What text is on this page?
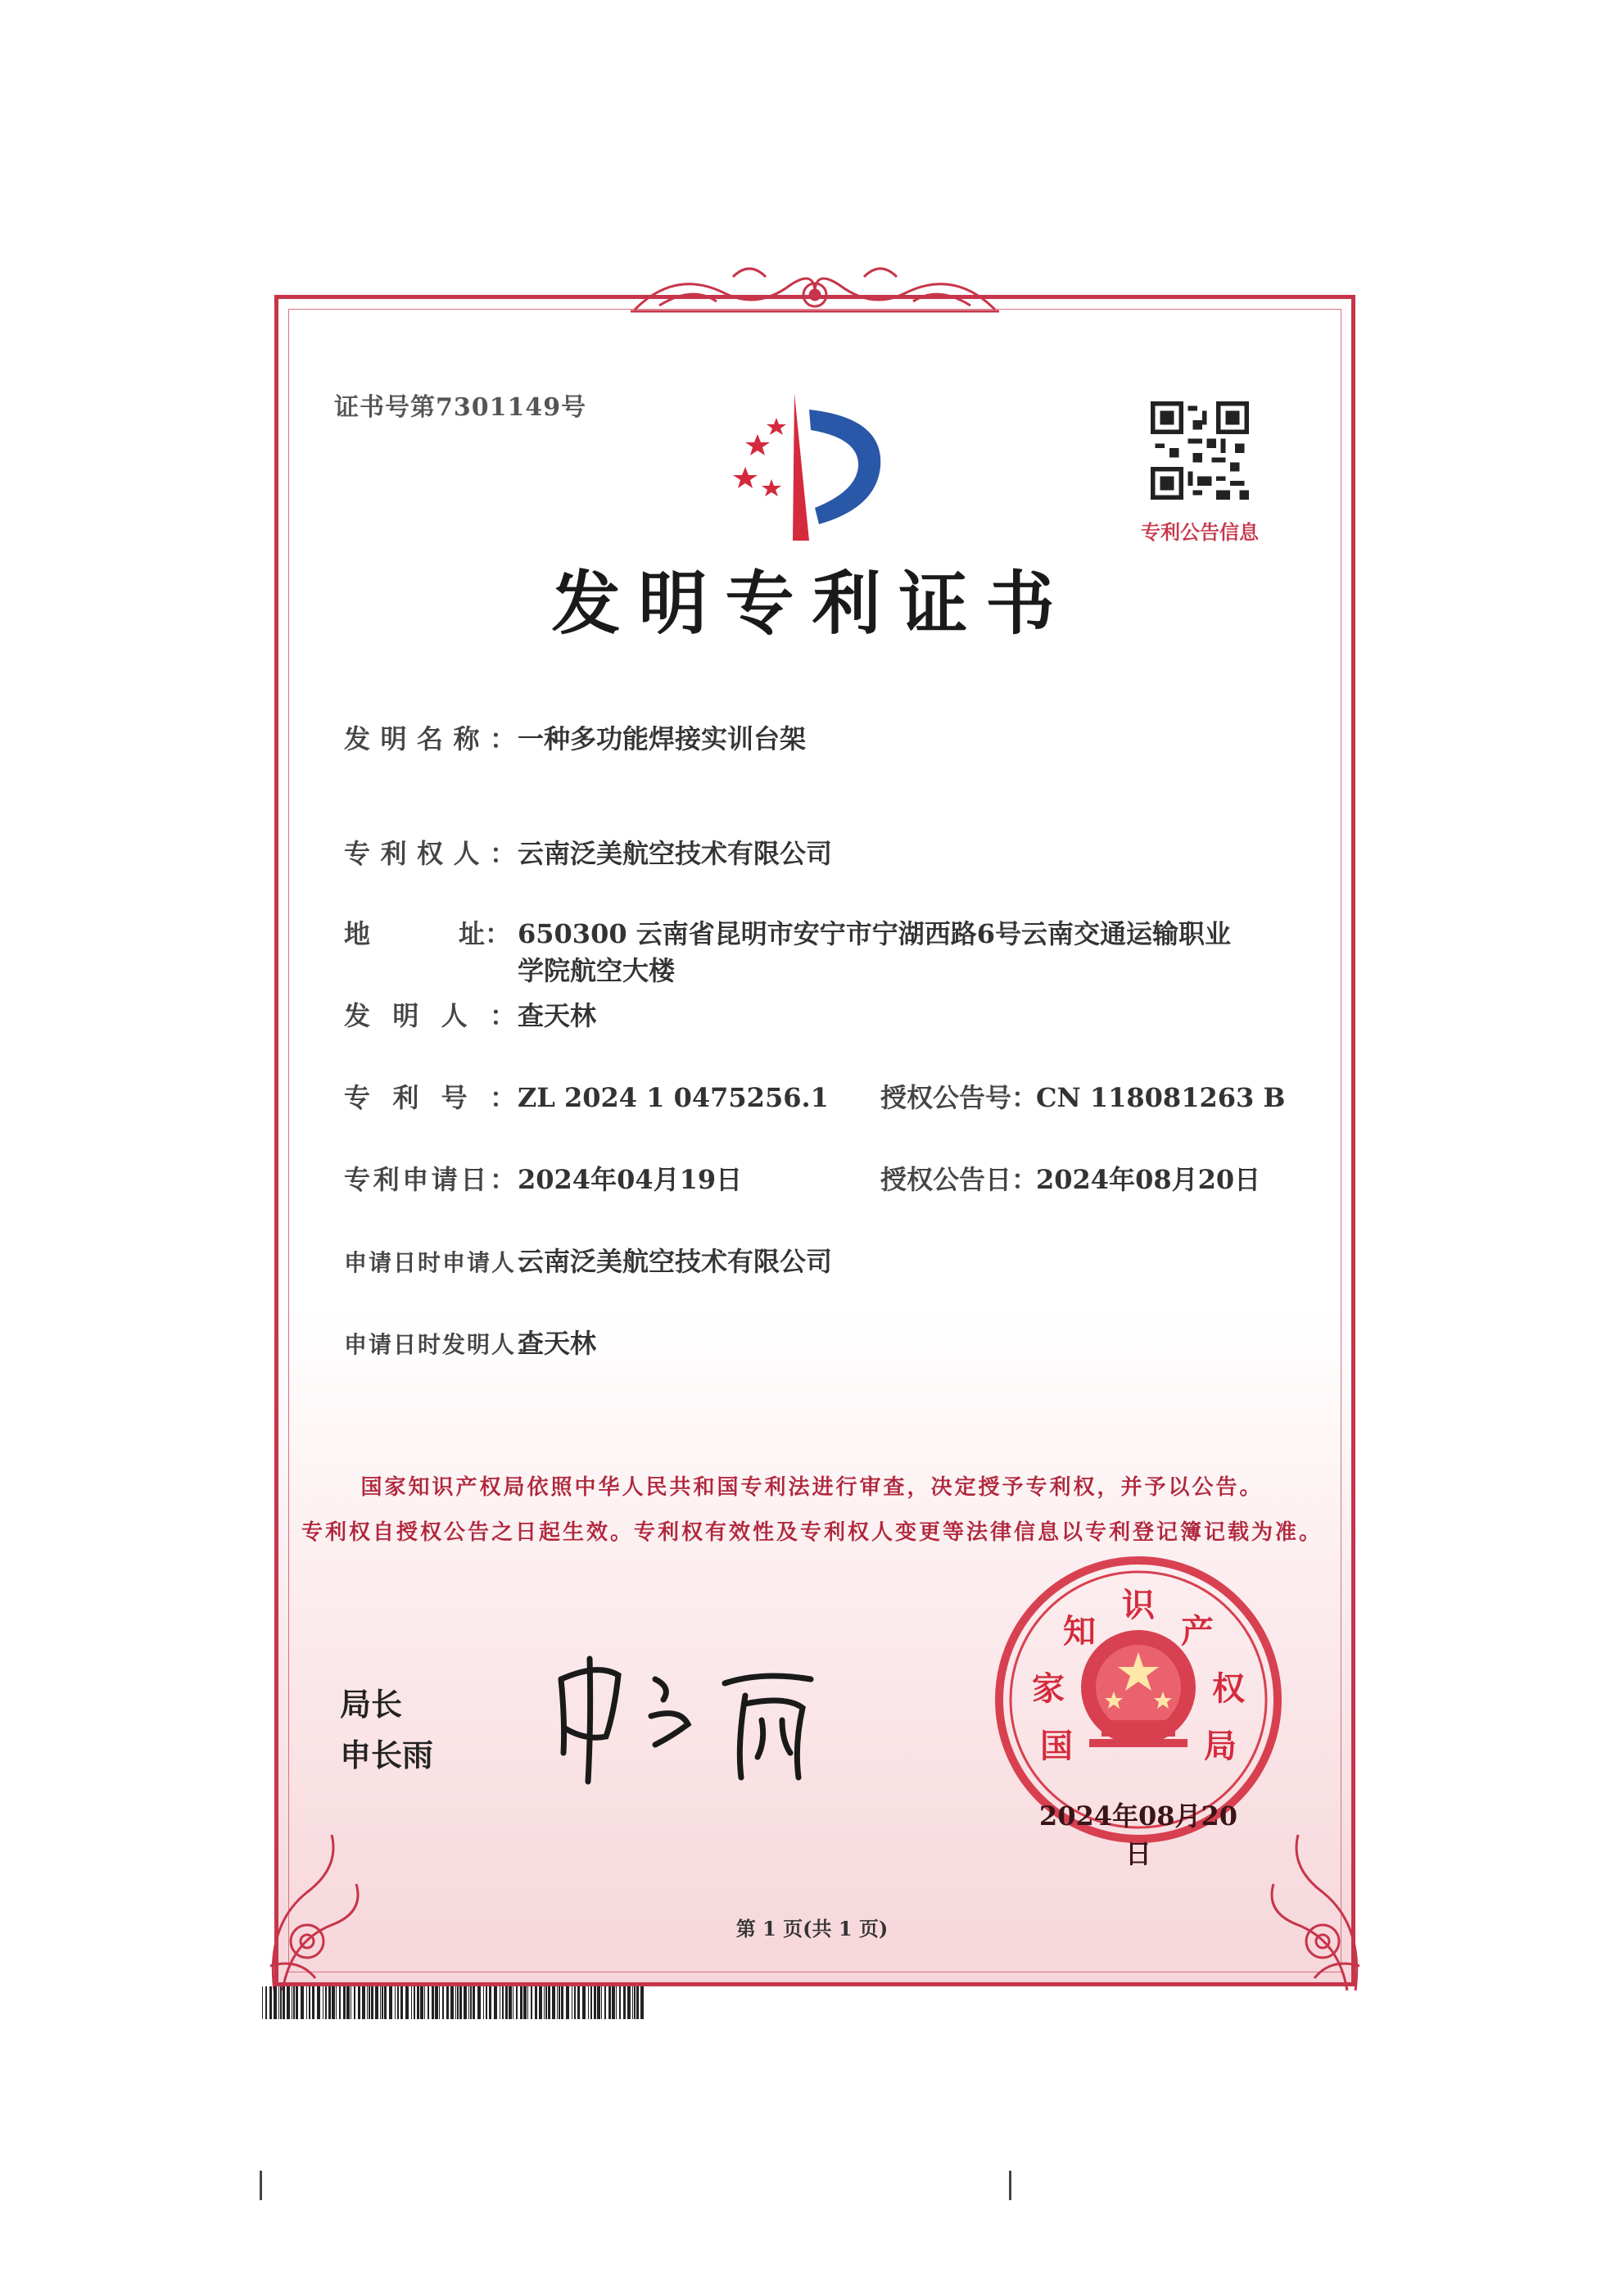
证书号第7301149号
专利公告信息
发明专利证书
发明名称：一种多功能焊接实训台架
专利权人：云南泛美航空技术有限公司
地	址： 650300 云南省昆明市安宁市宁湖西路6号云南交通运输职业
学院航空大楼
发明人：查天林
专利号：ZL 2024 1 0475256.1 授权公告号：CN 118081263 B
专利申请日：2024年04月19日	授权公告日：2024年08月20日
申请日时申请人：云南泛美航空技术有限公司
申请日时发明人：查天林
国家知识产权局依照中华人民共和国专利法进行审查，决定授予专利权，并予以公告。
专利权自授权公告之日起生效。专利权有效性及专利权人变更等法律信息以专利登记簿记载为准。
局长
申长雨
知
识
产
权
局
家
国
2024年08月20日
第 1 页(共 1 页)
